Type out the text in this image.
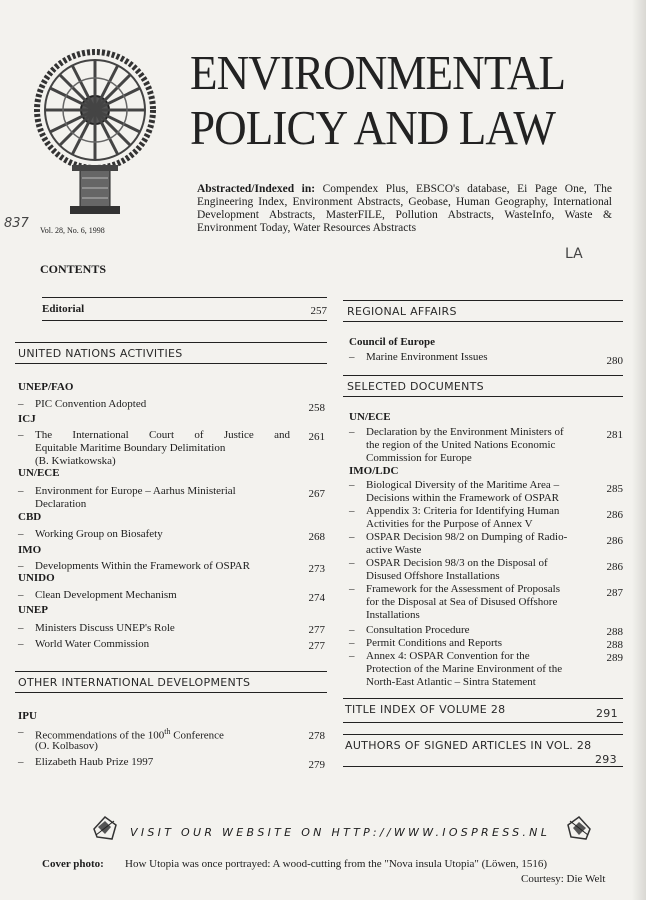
ENVIRONMENTAL
POLICY AND LAW
Abstracted/Indexed in: Compendex Plus, EBSCO's database, Ei Page One, The Engineering Index, Environment Abstracts, Geobase, Human Geography, International Development Abstracts, MasterFILE, Pollution Abstracts, WasteInfo, Waste & Environment Today, Water Resources Abstracts
837 Vol. 28, No. 6, 1998
LA
CONTENTS
Editorial	257
UNITED NATIONS ACTIVITIES
UNEP/FAO
– PIC Convention Adopted	258
ICJ
– The International Court of Justice and
Equitable Maritime Boundary Delimitation
(B. Kwiatkowska)
261
UN/ECE
– Environment for Europe – Aarhus Ministerial
Declaration
267
CBD
– Working Group on Biosafety	268
IMO
– Developments Within the Framework of OSPAR	273
UNIDO
– Clean Development Mechanism	274
UNEP
– Ministers Discuss UNEP's Role	277
– World Water Commission	277
OTHER INTERNATIONAL DEVELOPMENTS
IPU
– Recommendations of the 100th Conference
(O. Kolbasov)
278
– Elizabeth Haub Prize 1997	279
REGIONAL AFFAIRS
Council of Europe
– Marine Environment Issues	280
SELECTED DOCUMENTS
UN/ECE
– Declaration by the Environment Ministers of
the region of the United Nations Economic
Commission for Europe
281
IMO/LDC
– Biological Diversity of the Maritime Area –
Decisions within the Framework of OSPAR
285
– Appendix 3: Criteria for Identifying Human
Activities for the Purpose of Annex V
286
– OSPAR Decision 98/2 on Dumping of Radio-
active Waste
286
– OSPAR Decision 98/3 on the Disposal of
Disused Offshore Installations
286
– Framework for the Assessment of Proposals
for the Disposal at Sea of Disused Offshore
Installations
287
– Consultation Procedure	288
– Permit Conditions and Reports	288
– Annex 4: OSPAR Convention for the
Protection of the Marine Environment of the
North-East Atlantic – Sintra Statement
289
TITLE INDEX OF VOLUME 28	291
AUTHORS OF SIGNED ARTICLES IN VOL. 28
293
VISIT OUR WEBSITE ON HTTP://WWW.IOSPRESS.NL
Cover photo: How Utopia was once portrayed: A wood-cutting from the "Nova insula Utopia" (Löwen, 1516)
Courtesy: Die Welt
